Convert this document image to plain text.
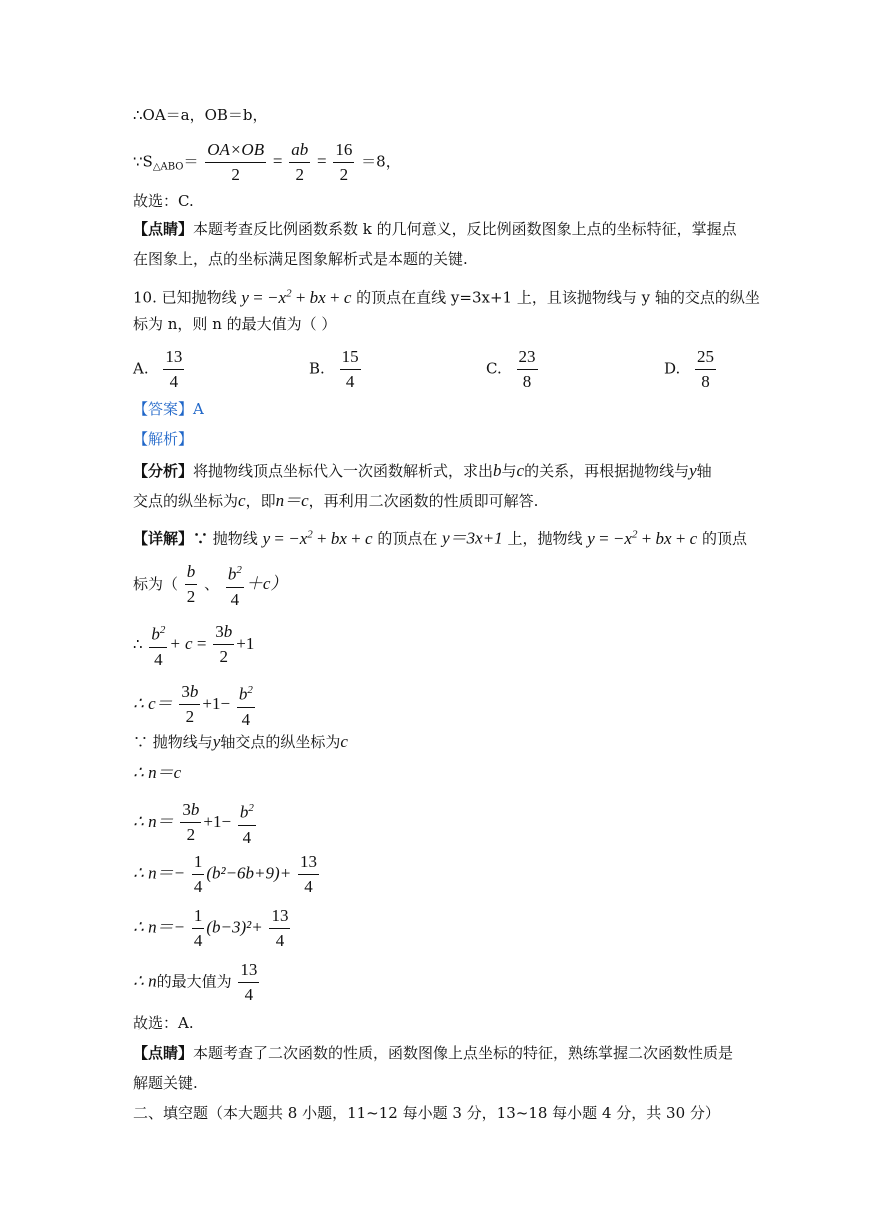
∴OA＝a，OB＝b，
$\because S_{\triangle ABO}= \frac{OA\times OB}{2} = \frac{ab}{2} = \frac{16}{2} =8$，
故选：C.
【点睛】本题考查反比例函数系数 k 的几何意义，反比例函数图象上点的坐标特征，掌握点
在图象上，点的坐标满足图象解析式是本题的关键.
10. 已知抛物线 $y = -x^2$ + bx + c 的顶点在直线 y=3x+1 上，且该抛物线与 y 轴的交点的纵坐
标为 n，则 n 的最大值为（ ）
A. $\frac{13}{4}$	B. $\frac{15}{4}$	C. $\frac{23}{8}$	D. $\frac{25}{8}$
【答案】A
【解析】
【分析】将抛物线顶点坐标代入一次函数解析式，求出b与c的关系，再根据抛物线与y轴
交点的纵坐标为c，即n＝c，再利用二次函数的性质即可解答.
【详解】∵ 抛物线 $y = -x^2$ + bx + c 的顶点在 y＝3x+1 上，抛物线 $y = -x^2$ + bx + c 的顶点
标为（ $\frac{b}{2}$ 、 $\frac{b^2}{4} +c$）
∴ $\frac{b^2}{4} + c = \frac{3b}{2} +1$
∴ $c= \frac{3b}{2} +1- \frac{b^2}{4}$
∵ 抛物线与y轴交点的纵坐标为c
∴ n＝c
∴ $n= \frac{3b}{2} +1- \frac{b^2}{4}$
∴ $n=- \frac{1}{4} (b^2-6b+9)+ \frac{13}{4}$
∴ $n=- \frac{1}{4} (b-3)^2+ \frac{13}{4}$
∴ n的最大值为 $\frac{13}{4}$
故选：A.
【点睛】本题考查了二次函数的性质，函数图像上点坐标的特征，熟练掌握二次函数性质是
解题关键.
二、填空题（本大题共 8 小题，11~12 每小题 3 分，13~18 每小题 4 分，共 30 分）
